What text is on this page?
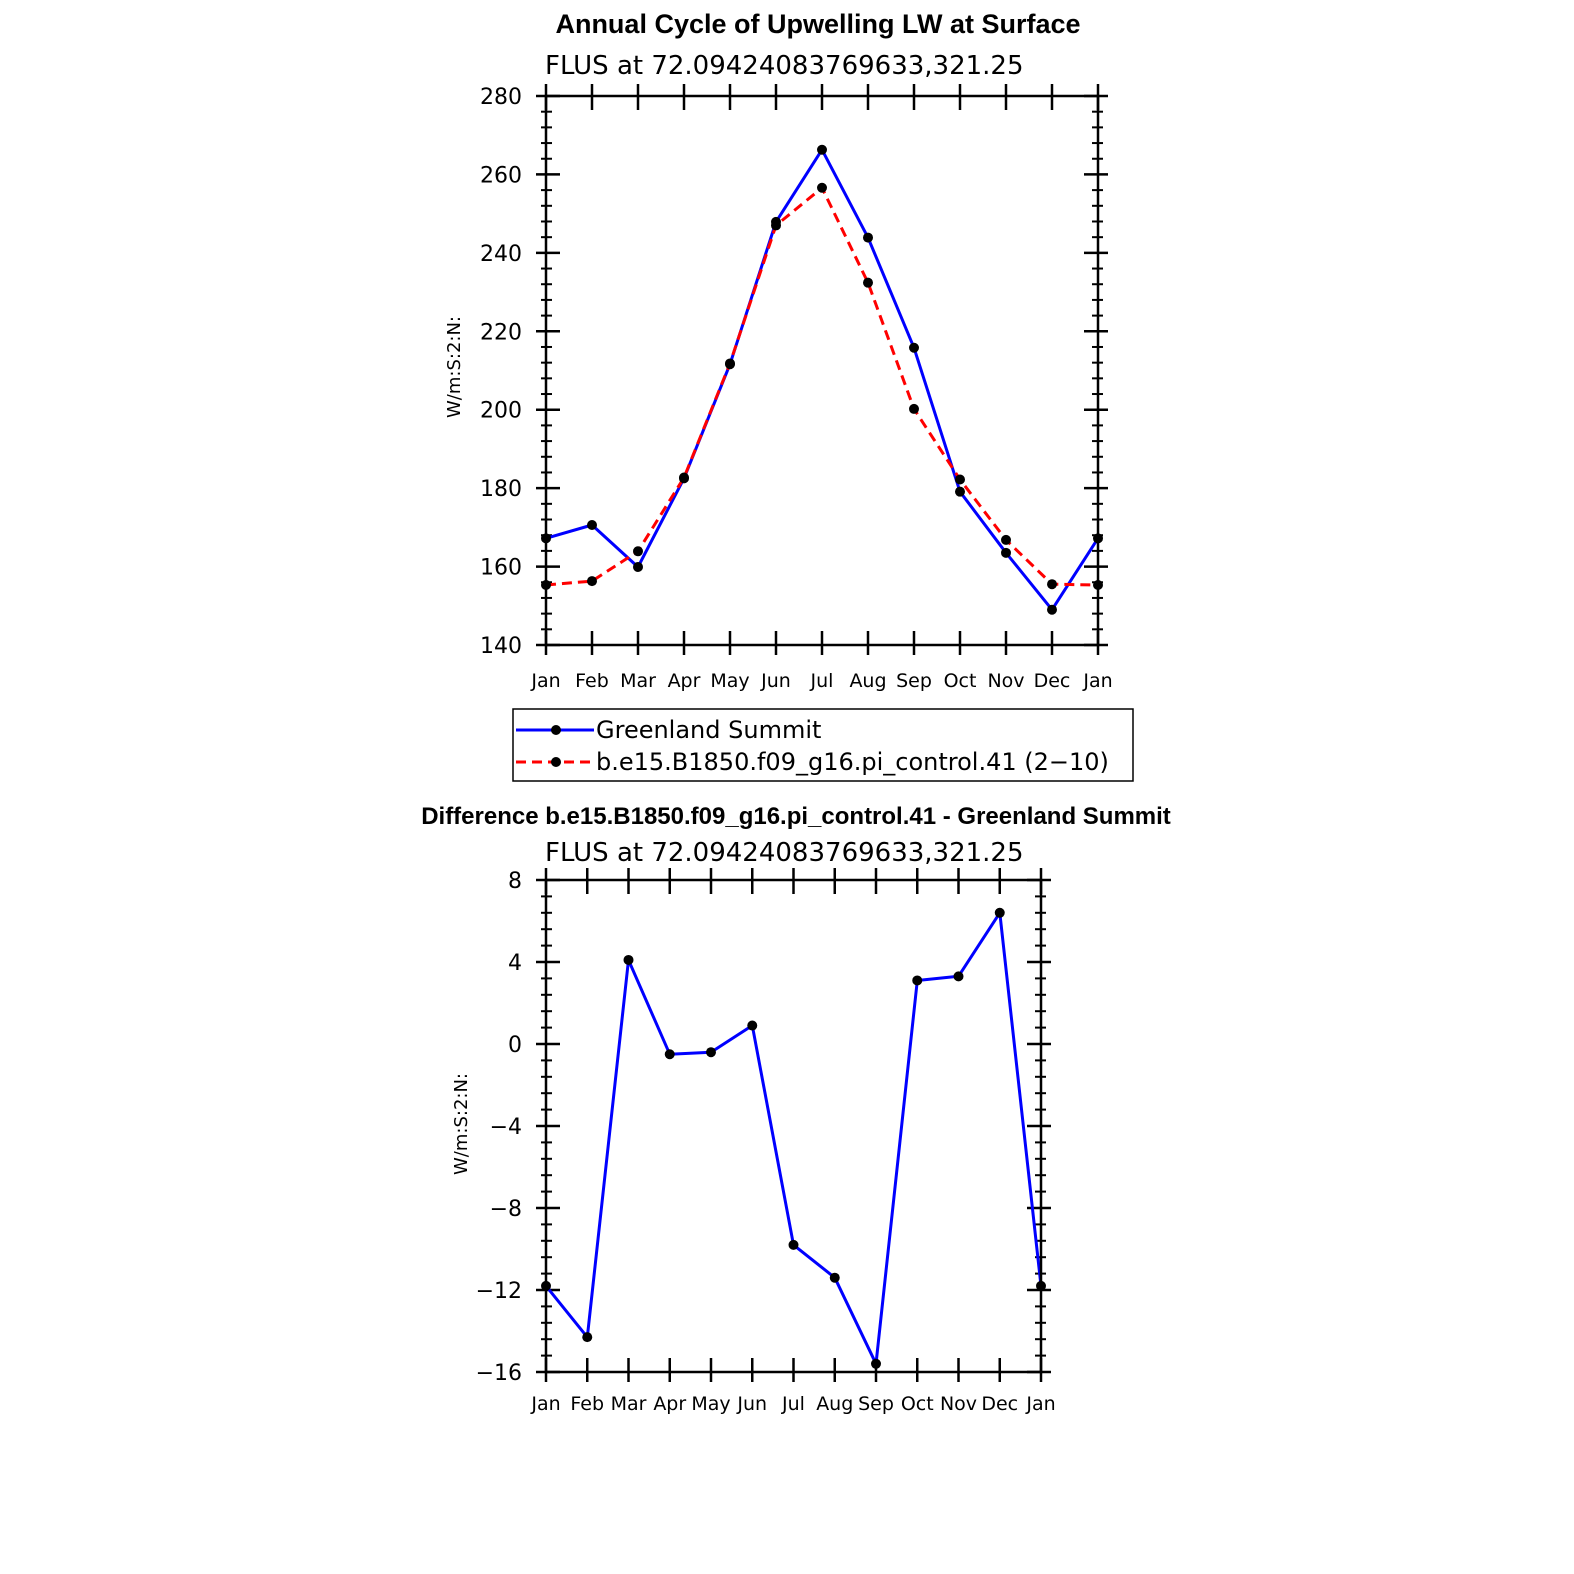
Annual Cycle of Upwelling LW at Surface
FLUS at 72.09424083769633,321.25
W/m:S:2:N:
140
160
180
200
220
240
260
280
Jan Feb Mar Apr May Jun Jul Aug Sep Oct Nov Dec Jan
Greenland Summit
b.e15.B1850.f09_g16.pi_control.41 (2−10)
Difference b.e15.B1850.f09_g16.pi_control.41 - Greenland Summit
FLUS at 72.09424083769633,321.25
W/m:S:2:N:
−16
−12
−8
−4
0
4
8
Jan Feb Mar Apr May Jun Jul Aug Sep Oct Nov Dec Jan
